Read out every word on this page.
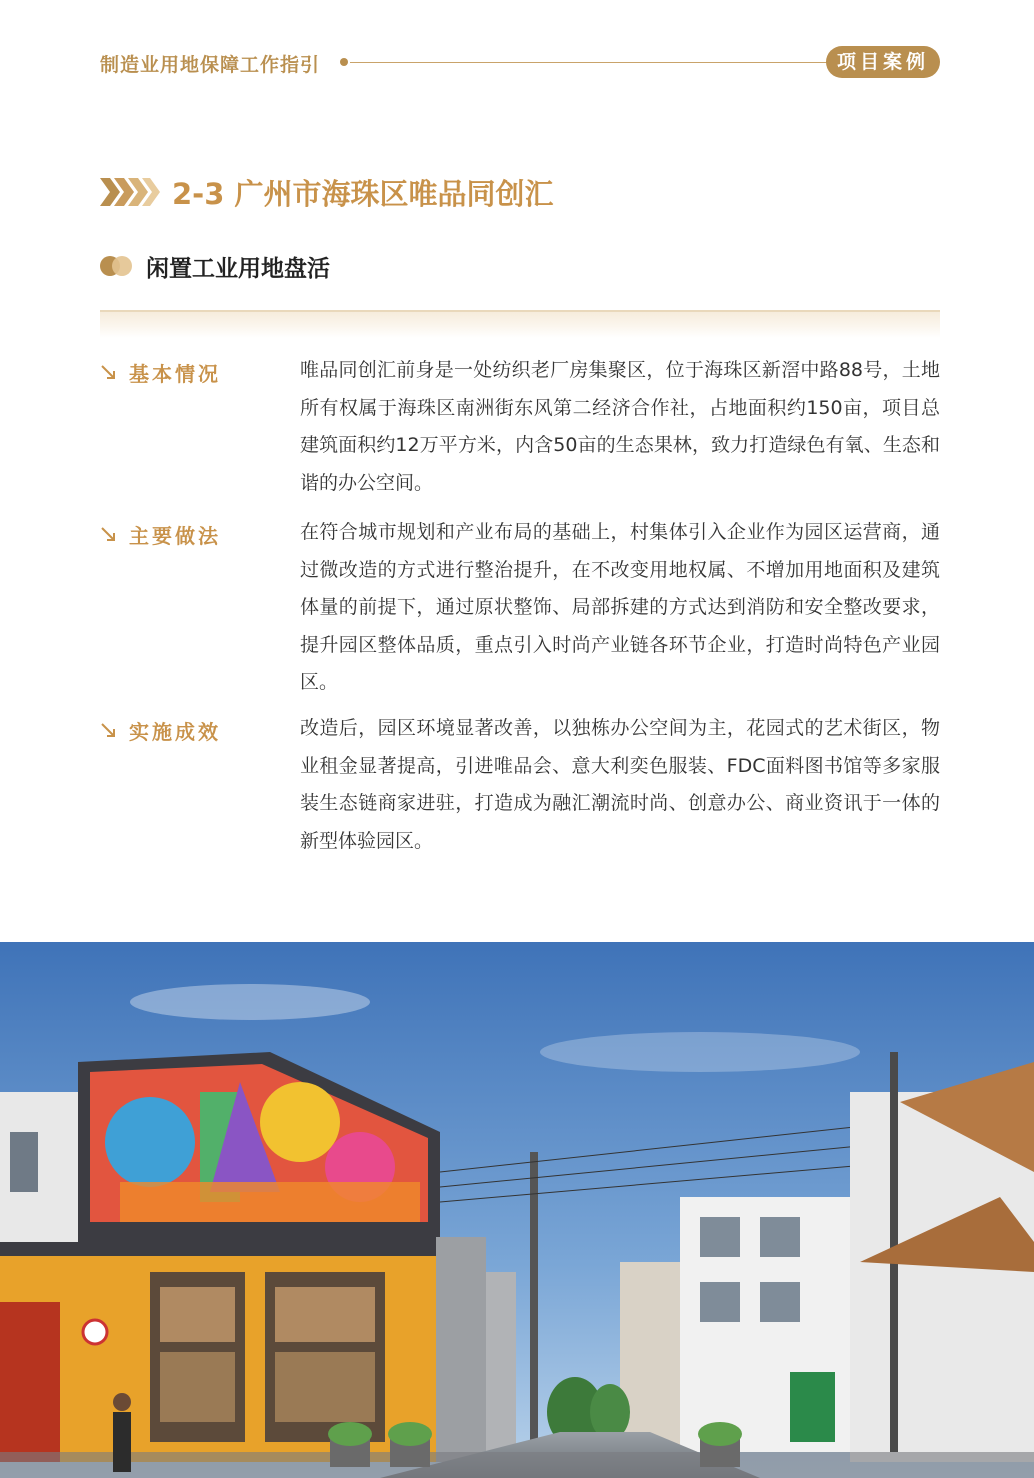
制造业用地保障工作指引	项目案例
2-3 广州市海珠区唯品同创汇
闲置工业用地盘活
基本情况	唯品同创汇前身是一处纺织老厂房集聚区，位于海珠区新滘中路88号，土地所有权属于海珠区南洲街东风第二经济合作社，占地面积约150亩，项目总建筑面积约12万平方米，内含50亩的生态果林，致力打造绿色有氧、生态和谐的办公空间。
主要做法	在符合城市规划和产业布局的基础上，村集体引入企业作为园区运营商，通过微改造的方式进行整治提升，在不改变用地权属、不增加用地面积及建筑体量的前提下，通过原状整饰、局部拆建的方式达到消防和安全整改要求，提升园区整体品质，重点引入时尚产业链各环节企业，打造时尚特色产业园区。
实施成效	改造后，园区环境显著改善，以独栋办公空间为主，花园式的艺术街区，物业租金显著提高，引进唯品会、意大利奕色服装、FDC面料图书馆等多家服装生态链商家进驻，打造成为融汇潮流时尚、创意办公、商业资讯于一体的新型体验园区。
